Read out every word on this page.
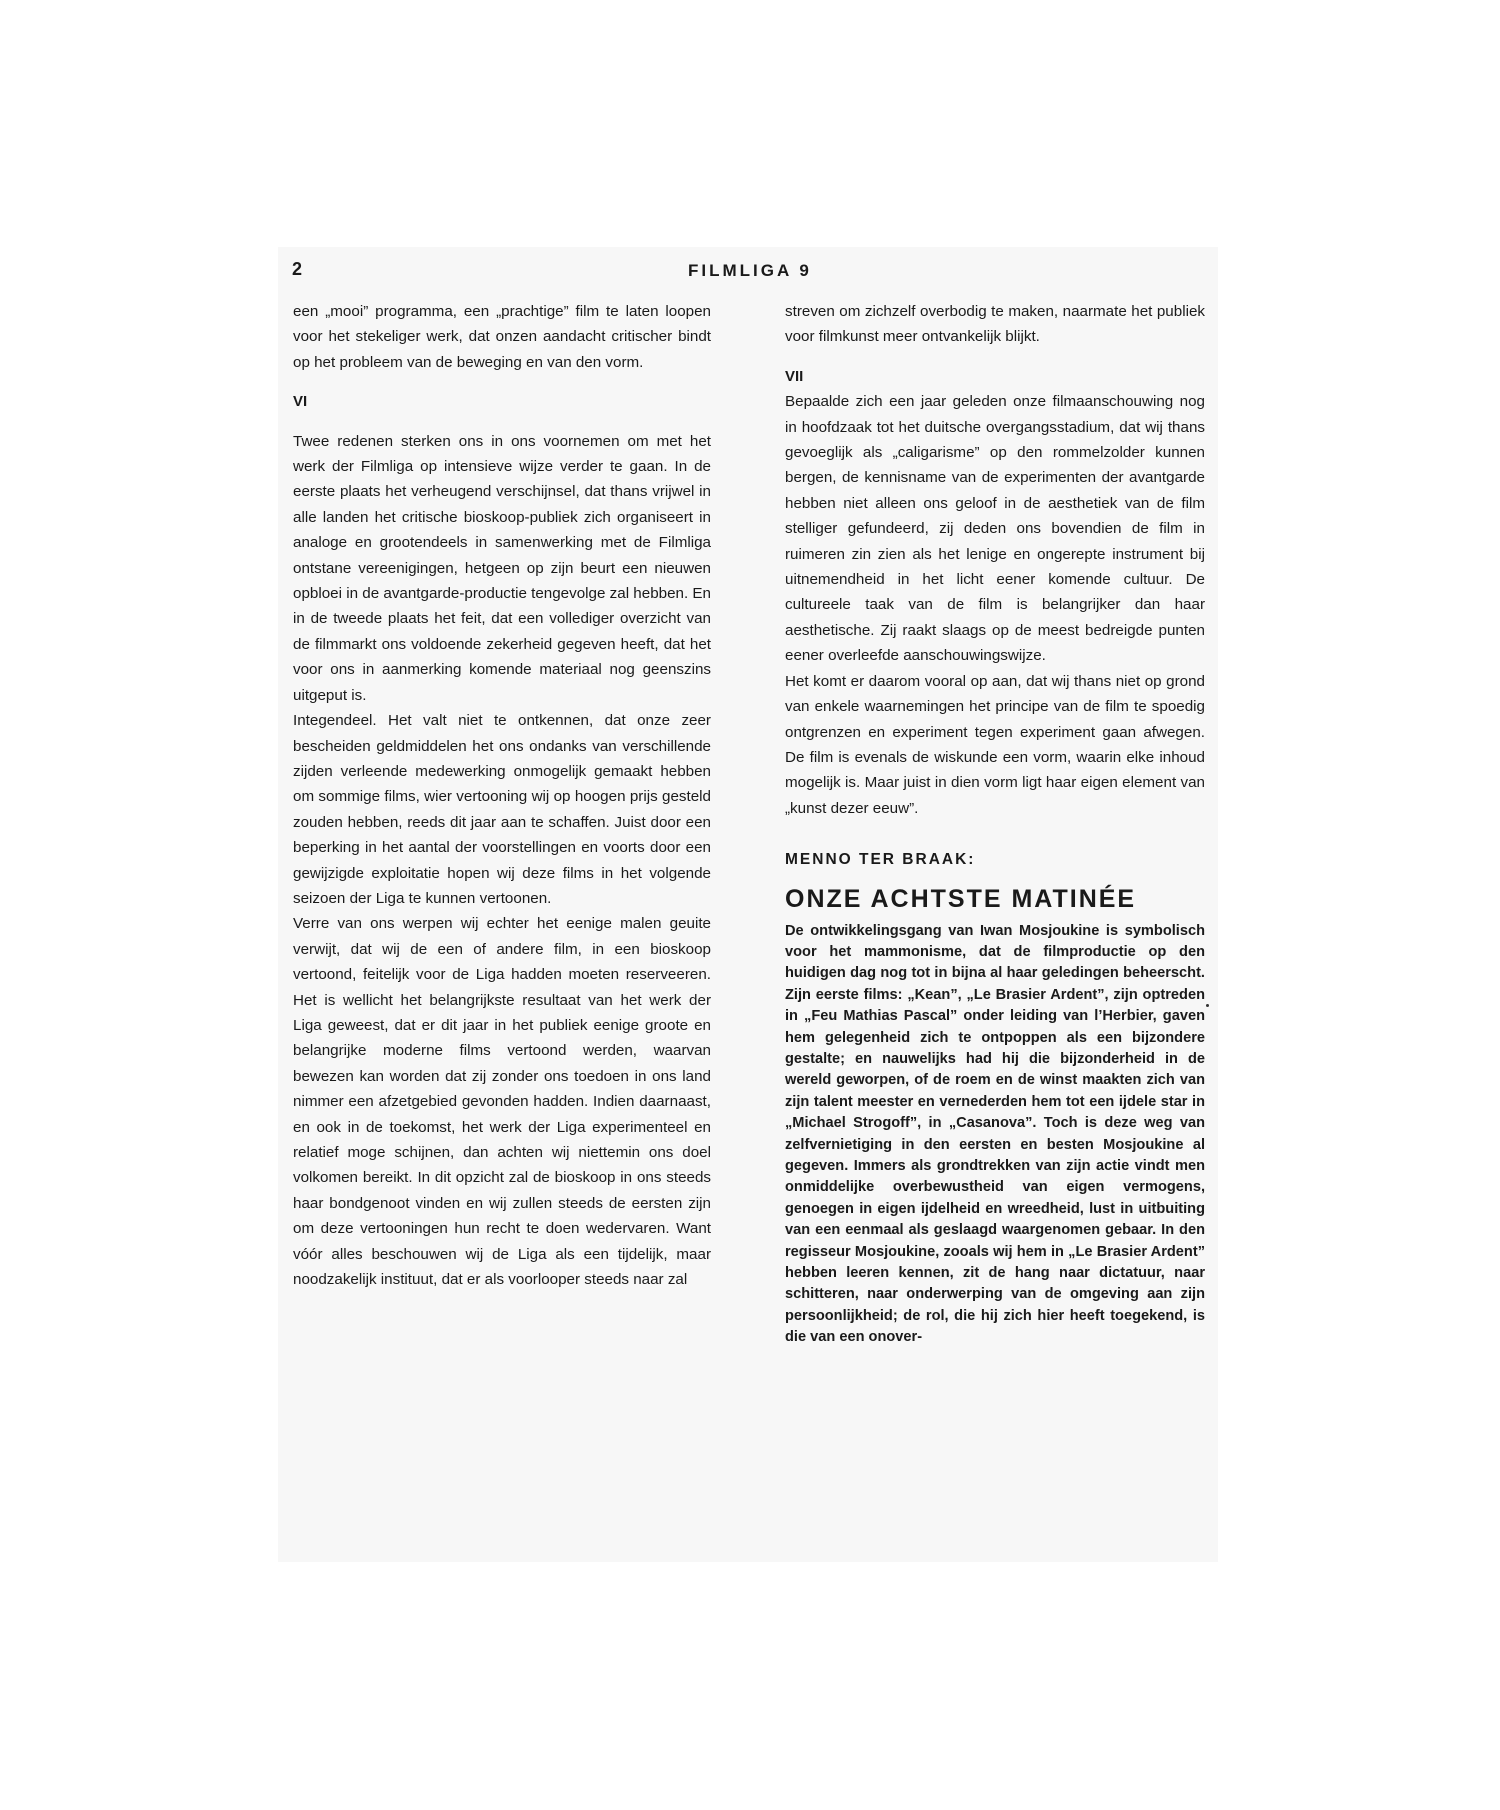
2	FILMLIGA 9

een „mooi” programma, een „prachtige” film te laten loopen voor het stekeliger werk, dat onzen aandacht critischer bindt op het probleem van de beweging en van den vorm.

VI

Twee redenen sterken ons in ons voornemen om met het werk der Filmliga op intensieve wijze verder te gaan. In de eerste plaats het verheugend verschijnsel, dat thans vrijwel in alle landen het critische bioskoop-publiek zich organiseert in analoge en grootendeels in samenwerking met de Filmliga ontstane vereenigingen, hetgeen op zijn beurt een nieuwen opbloei in de avantgarde-productie tengevolge zal hebben. En in de tweede plaats het feit, dat een vollediger overzicht van de filmmarkt ons voldoende zekerheid gegeven heeft, dat het voor ons in aanmerking komende materiaal nog geenszins uitgeput is.

Integendeel. Het valt niet te ontkennen, dat onze zeer bescheiden geldmiddelen het ons ondanks van verschillende zijden verleende medewerking onmogelijk gemaakt hebben om sommige films, wier vertooning wij op hoogen prijs gesteld zouden hebben, reeds dit jaar aan te schaffen. Juist door een beperking in het aantal der voorstellingen en voorts door een gewijzigde exploitatie hopen wij deze films in het volgende seizoen der Liga te kunnen vertoonen.

Verre van ons werpen wij echter het eenige malen geuite verwijt, dat wij de een of andere film, in een bioskoop vertoond, feitelijk voor de Liga hadden moeten reserveeren. Het is wellicht het belangrijkste resultaat van het werk der Liga geweest, dat er dit jaar in het publiek eenige groote en belangrijke moderne films vertoond werden, waarvan bewezen kan worden dat zij zonder ons toedoen in ons land nimmer een afzetgebied gevonden hadden. Indien daarnaast, en ook in de toekomst, het werk der Liga experimenteel en relatief moge schijnen, dan achten wij niettemin ons doel volkomen bereikt. In dit opzicht zal de bioskoop in ons steeds haar bondgenoot vinden en wij zullen steeds de eersten zijn om deze vertooningen hun recht te doen wedervaren. Want vóór alles beschouwen wij de Liga als een tijdelijk, maar noodzakelijk instituut, dat er als voorlooper steeds naar zal

streven om zichzelf overbodig te maken, naarmate het publiek voor filmkunst meer ontvankelijk blijkt.

VII

Bepaalde zich een jaar geleden onze filmaanschouwing nog in hoofdzaak tot het duitsche overgangsstadium, dat wij thans gevoeglijk als „caligarisme” op den rommelzolder kunnen bergen, de kennisname van de experimenten der avantgarde hebben niet alleen ons geloof in de aesthetiek van de film stelliger gefundeerd, zij deden ons bovendien de film in ruimeren zin zien als het lenige en ongerepte instrument bij uitnemendheid in het licht eener komende cultuur. De cultureele taak van de film is belangrijker dan haar aesthetische. Zij raakt slaags op de meest bedreigde punten eener overleefde aanschouwingswijze.

Het komt er daarom vooral op aan, dat wij thans niet op grond van enkele waarnemingen het principe van de film te spoedig ontgrenzen en experiment tegen experiment gaan afwegen. De film is evenals de wiskunde een vorm, waarin elke inhoud mogelijk is. Maar juist in dien vorm ligt haar eigen element van „kunst dezer eeuw”.

MENNO TER BRAAK:
ONZE ACHTSTE MATINÉE

De ontwikkelingsgang van Iwan Mosjoukine is symbolisch voor het mammonisme, dat de filmproductie op den huidigen dag nog tot in bijna al haar geledingen beheerscht. Zijn eerste films: „Kean”, „Le Brasier Ardent”, zijn optreden in „Feu Mathias Pascal” onder leiding van l’Herbier, gaven hem gelegenheid zich te ontpoppen als een bijzondere gestalte; en nauwelijks had hij die bijzonderheid in de wereld geworpen, of de roem en de winst maakten zich van zijn talent meester en vernederden hem tot een ijdele star in „Michael Strogoff”, in „Casanova”. Toch is deze weg van zelfvernietiging in den eersten en besten Mosjoukine al gegeven. Immers als grondtrekken van zijn actie vindt men onmiddelijke overbewustheid van eigen vermogens, genoegen in eigen ijdelheid en wreedheid, lust in uitbuiting van een eenmaal als geslaagd waargenomen gebaar. In den regisseur Mosjoukine, zooals wij hem in „Le Brasier Ardent” hebben leeren kennen, zit de hang naar dictatuur, naar schitteren, naar onderwerping van de omgeving aan zijn persoonlijkheid; de rol, die hij zich hier heeft toegekend, is die van een onover-
